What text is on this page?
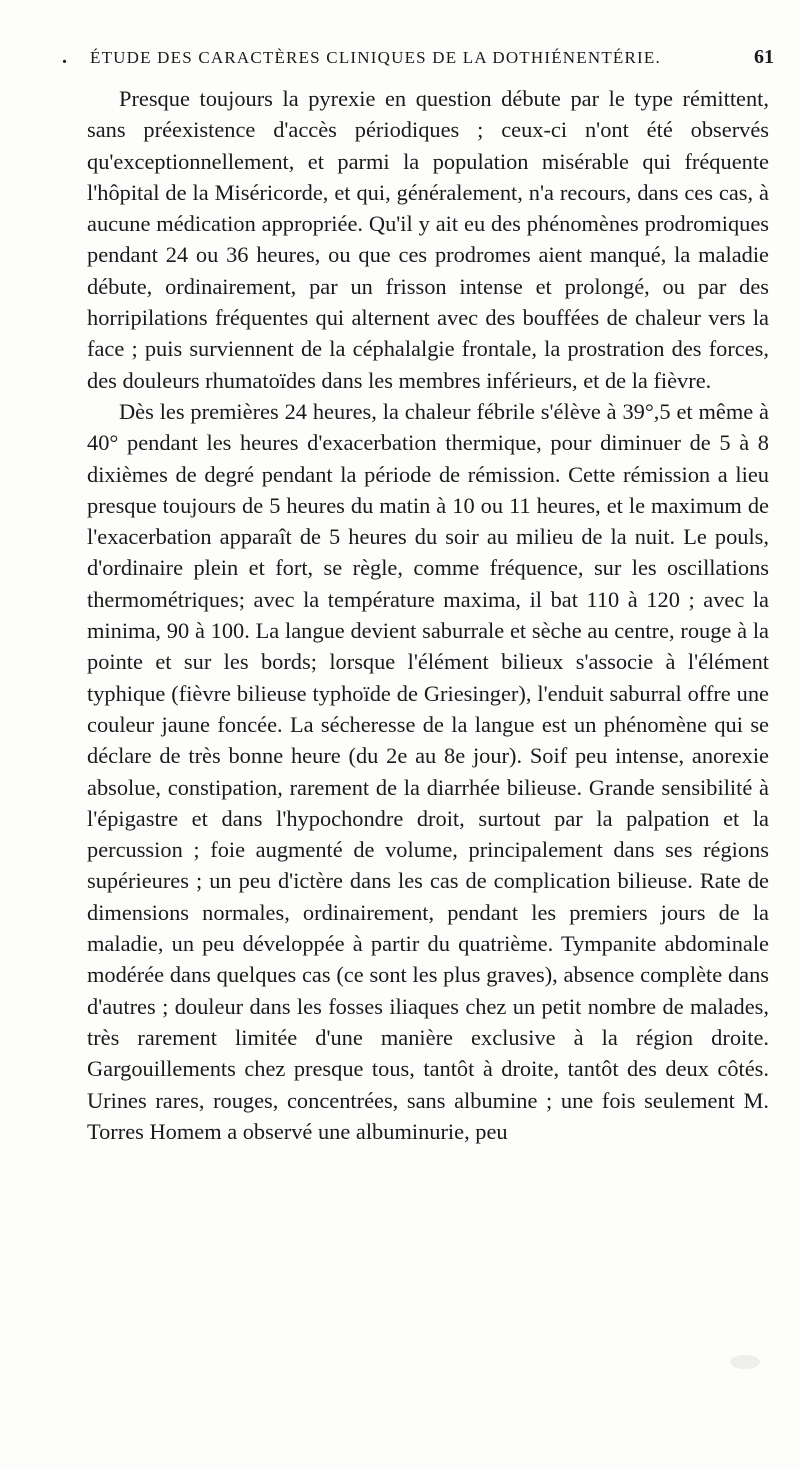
. ÉTUDE DES CARACTÈRES CLINIQUES DE LA DOTHIÉNENTÉRIE.	61

Presque toujours la pyrexie en question débute par le type rémittent, sans préexistence d'accès périodiques ; ceux-ci n'ont été observés qu'exceptionnellement, et parmi la population misérable qui fréquente l'hôpital de la Miséricorde, et qui, généralement, n'a recours, dans ces cas, à aucune médication appropriée. Qu'il y ait eu des phénomènes prodromiques pendant 24 ou 36 heures, ou que ces prodromes aient manqué, la maladie débute, ordinairement, par un frisson intense et prolongé, ou par des horripilations fréquentes qui alternent avec des bouffées de chaleur vers la face ; puis surviennent de la céphalalgie frontale, la prostration des forces, des douleurs rhumatoïdes dans les membres inférieurs, et de la fièvre.

Dès les premières 24 heures, la chaleur fébrile s'élève à 39°,5 et même à 40° pendant les heures d'exacerbation thermique, pour diminuer de 5 à 8 dixièmes de degré pendant la période de rémission. Cette rémission a lieu presque toujours de 5 heures du matin à 10 ou 11 heures, et le maximum de l'exacerbation apparaît de 5 heures du soir au milieu de la nuit. Le pouls, d'ordinaire plein et fort, se règle, comme fréquence, sur les oscillations thermométriques; avec la température maxima, il bat 110 à 120 ; avec la minima, 90 à 100. La langue devient saburrale et sèche au centre, rouge à la pointe et sur les bords; lorsque l'élément bilieux s'associe à l'élément typhique (fièvre bilieuse typhoïde de Griesinger), l'enduit saburral offre une couleur jaune foncée. La sécheresse de la langue est un phénomène qui se déclare de très bonne heure (du 2e au 8e jour). Soif peu intense, anorexie absolue, constipation, rarement de la diarrhée bilieuse. Grande sensibilité à l'épigastre et dans l'hypochondre droit, surtout par la palpation et la percussion ; foie augmenté de volume, principalement dans ses régions supérieures ; un peu d'ictère dans les cas de complication bilieuse. Rate de dimensions normales, ordinairement, pendant les premiers jours de la maladie, un peu développée à partir du quatrième. Tympanite abdominale modérée dans quelques cas (ce sont les plus graves), absence complète dans d'autres ; douleur dans les fosses iliaques chez un petit nombre de malades, très rarement limitée d'une manière exclusive à la région droite. Gargouillements chez presque tous, tantôt à droite, tantôt des deux côtés. Urines rares, rouges, concentrées, sans albumine ; une fois seulement M. Torres Homem a observé une albuminurie, peu
